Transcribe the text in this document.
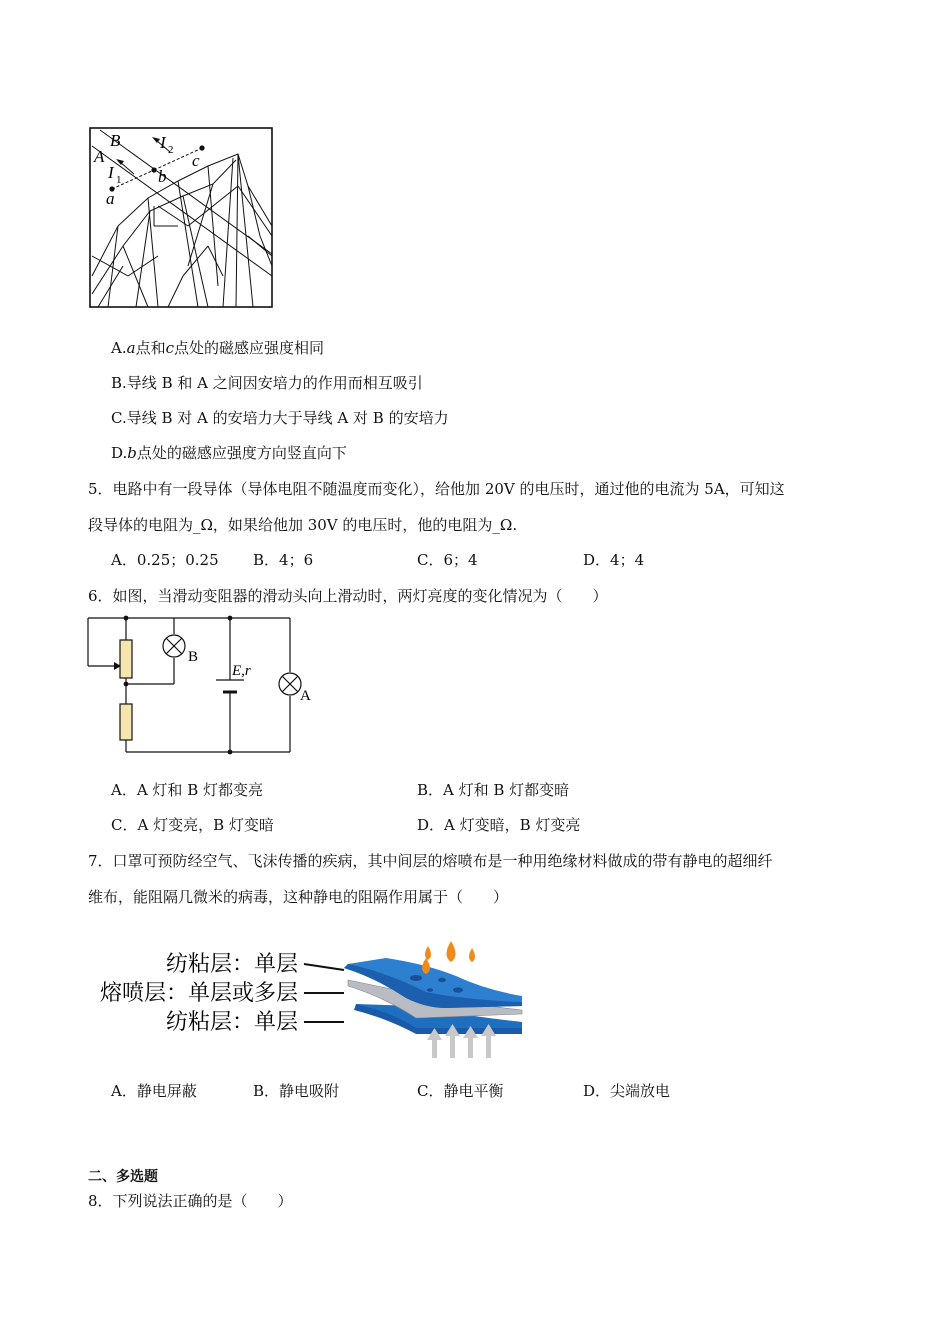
B
A
I 2
I 1
c
b
a
A.a点和c点处的磁感应强度相同
B.导线 B 和 A 之间因安培力的作用而相互吸引
C.导线 B 对 A 的安培力大于导线 A 对 B 的安培力
D.b点处的磁感应强度方向竖直向下
5．电路中有一段导体（导体电阻不随温度而变化），给他加 20V 的电压时，通过他的电流为 5A，可知这
段导体的电阻为_Ω，如果给他加 30V 的电压时，他的电阻为_Ω.
A．0.25；0.25 B．4；6	C．6；4	D．4；4
6．如图，当滑动变阻器的滑动头向上滑动时，两灯亮度的变化情况为（　　）
B
E,r
A
A．A 灯和 B 灯都变亮	B．A 灯和 B 灯都变暗
C．A 灯变亮，B 灯变暗	D．A 灯变暗，B 灯变亮
7．口罩可预防经空气、飞沫传播的疾病，其中间层的熔喷布是一种用绝缘材料做成的带有静电的超细纤
维布，能阻隔几微米的病毒，这种静电的阻隔作用属于（　　）
纺粘层：单层
熔喷层：单层或多层
纺粘层：单层
A．静电屏蔽	B．静电吸附	C．静电平衡	D．尖端放电
二、多选题
8．下列说法正确的是（　　）
